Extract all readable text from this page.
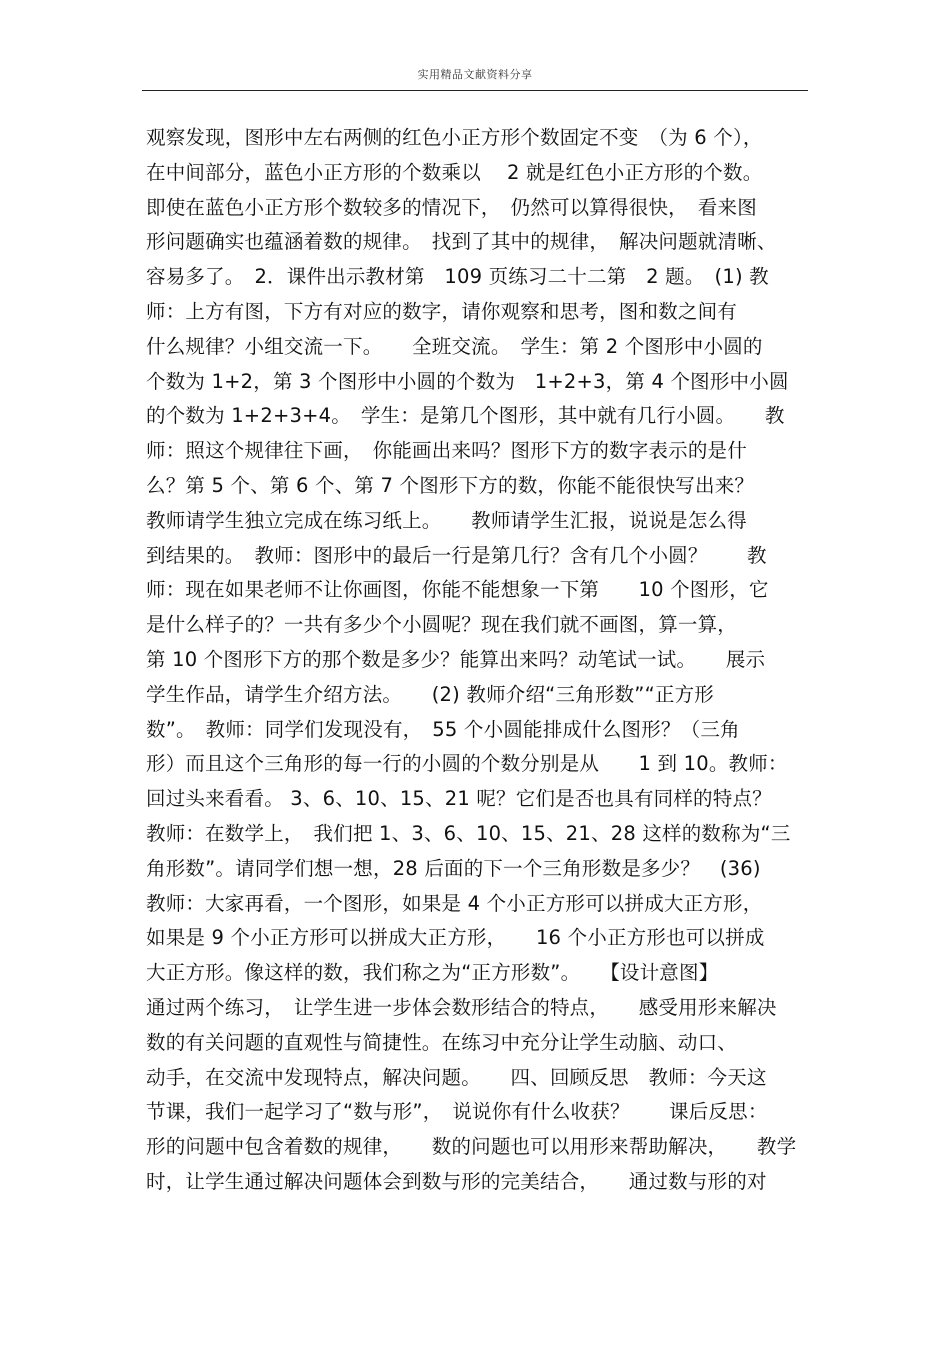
实用精品文献资料分享
观察发现，图形中左右两侧的红色小正方形个数固定不变　（为 6 个），
在中间部分，蓝色小正方形的个数乘以　 2 就是红色小正方形的个数。
即使在蓝色小正方形个数较多的情况下，　仍然可以算得很快，　看来图
形问题确实也蕴涵着数的规律。　找到了其中的规律，　解决问题就清晰、
容易多了。　2．课件出示教材第　109 页练习二十二第　2 题。　(1) 教
师：上方有图，下方有对应的数字，请你观察和思考，图和数之间有
什么规律？小组交流一下。　　全班交流。　学生：第 2 个图形中小圆的
个数为 1+2，第 3 个图形中小圆的个数为　1+2+3，第 4 个图形中小圆
的个数为 1+2+3+4。　学生：是第几个图形，其中就有几行小圆。　　教
师：照这个规律往下画，　你能画出来吗？图形下方的数字表示的是什
么？第 5 个、第 6 个、第 7 个图形下方的数，你能不能很快写出来？
教师请学生独立完成在练习纸上。　　教师请学生汇报，说说是怎么得
到结果的。　教师：图形中的最后一行是第几行？含有几个小圆？　　教
师：现在如果老师不让你画图，你能不能想象一下第　　10 个图形，它
是什么样子的？一共有多少个小圆呢？现在我们就不画图，算一算，
第 10 个图形下方的那个数是多少？能算出来吗？动笔试一试。　　展示
学生作品，请学生介绍方法。　　(2) 教师介绍“三角形数”“正方形
数”。　教师：同学们发现没有，　55 个小圆能排成什么图形？（三角
形）而且这个三角形的每一行的小圆的个数分别是从　　1 到 10。教师：
回过头来看看。 3、6、10、15、21 呢？它们是否也具有同样的特点？
教师：在数学上，　我们把 1、3、6、10、15、21、28 这样的数称为“三
角形数”。请同学们想一想，28 后面的下一个三角形数是多少？　(36)
教师：大家再看，一个图形，如果是 4 个小正方形可以拼成大正方形，
如果是 9 个小正方形可以拼成大正方形，　　16 个小正方形也可以拼成
大正方形。像这样的数，我们称之为“正方形数”。　　【设计意图】
通过两个练习，　让学生进一步体会数形结合的特点，　　感受用形来解决
数的有关问题的直观性与简捷性。在练习中充分让学生动脑、动口、
动手，在交流中发现特点，解决问题。　　四、回顾反思　教师：今天这
节课，我们一起学习了“数与形”，　说说你有什么收获？　　课后反思：
形的问题中包含着数的规律，　　数的问题也可以用形来帮助解决，　　教学
时，让学生通过解决问题体会到数与形的完美结合，　　通过数与形的对
